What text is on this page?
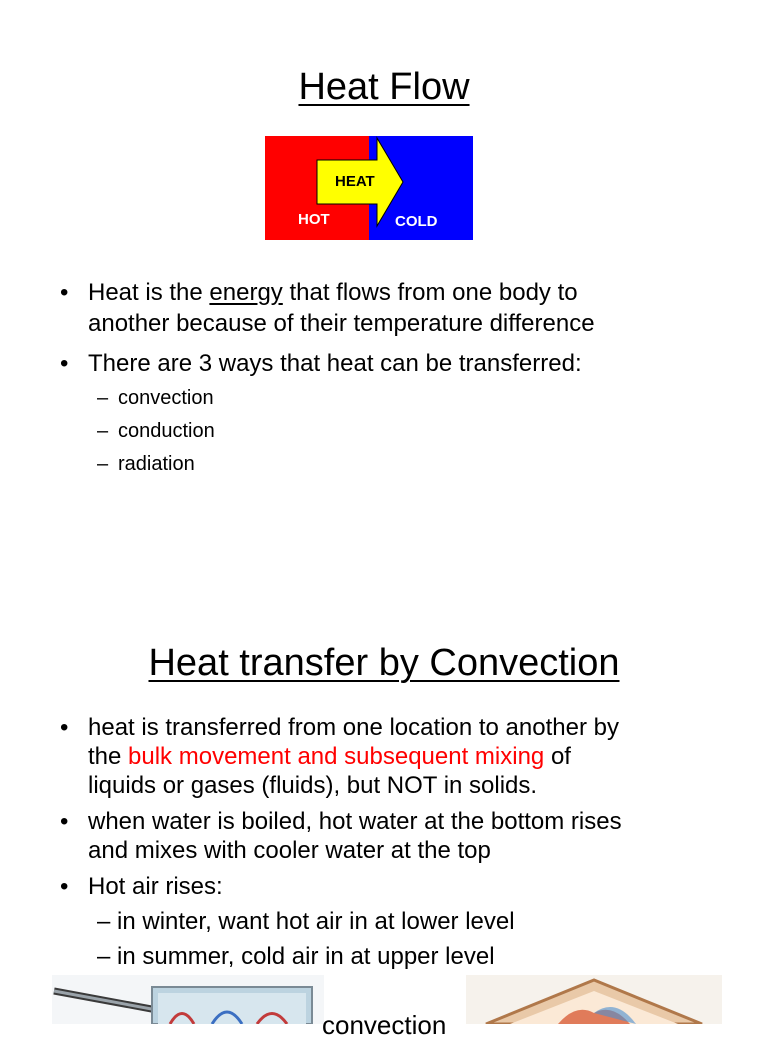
Heat Flow
HEAT
HOT	COLD
• Heat is the energy that flows from one body to
another because of their temperature difference
• There are 3 ways that heat can be transferred:
– convection
– conduction
– radiation
Heat transfer by Convection
• heat is transferred from one location to another by
the bulk movement and subsequent mixing of
liquids or gases (fluids), but NOT in solids.
• when water is boiled, hot water at the bottom rises
and mixes with cooler water at the top
• Hot air rises:
– in winter, want hot air in at lower level
– in summer, cold air in at upper level
convection
